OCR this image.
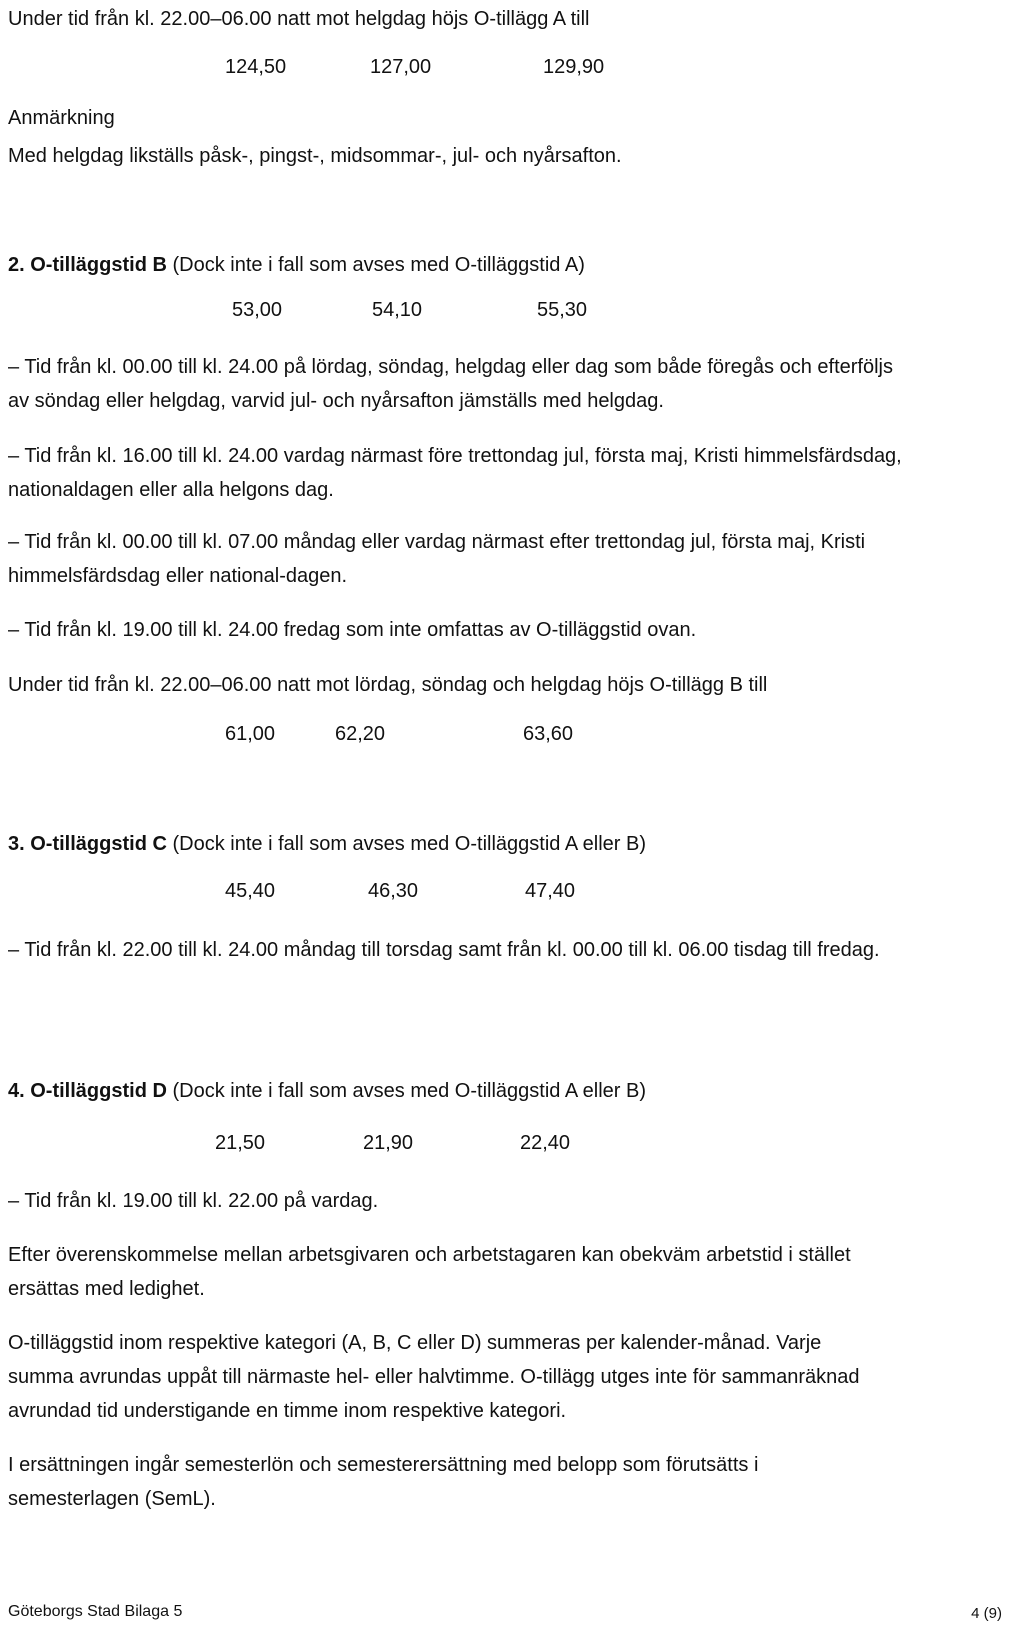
Under tid från kl. 22.00–06.00 natt mot helgdag höjs O-tillägg A till

124,50	127,00	129,90

Anmärkning

Med helgdag likställs påsk-, pingst-, midsommar-, jul- och nyårsafton.

2. O-tilläggstid B (Dock inte i fall som avses med O-tilläggstid A)

53,00	54,10	55,30

– Tid från kl. 00.00 till kl. 24.00 på lördag, söndag, helgdag eller dag som både föregås och efterföljs av söndag eller helgdag, varvid jul- och nyårsafton jämställs med helgdag.

– Tid från kl. 16.00 till kl. 24.00 vardag närmast före trettondag jul, första maj, Kristi himmelsfärdsdag, nationaldagen eller alla helgons dag.

– Tid från kl. 00.00 till kl. 07.00 måndag eller vardag närmast efter trettondag jul, första maj, Kristi himmelsfärdsdag eller national-dagen.

– Tid från kl. 19.00 till kl. 24.00 fredag som inte omfattas av O-tilläggstid ovan.

Under tid från kl. 22.00–06.00 natt mot lördag, söndag och helgdag höjs O-tillägg B till

61,00	62,20	63,60

3. O-tilläggstid C (Dock inte i fall som avses med O-tilläggstid A eller B)

45,40	46,30	47,40

– Tid från kl. 22.00 till kl. 24.00 måndag till torsdag samt från kl. 00.00 till kl. 06.00 tisdag till fredag.

4. O-tilläggstid D (Dock inte i fall som avses med O-tilläggstid A eller B)

21,50	21,90	22,40

– Tid från kl. 19.00 till kl. 22.00 på vardag.

Efter överenskommelse mellan arbetsgivaren och arbetstagaren kan obekväm arbetstid i stället ersättas med ledighet.

O-tilläggstid inom respektive kategori (A, B, C eller D) summeras per kalender-månad. Varje summa avrundas uppåt till närmaste hel- eller halvtimme. O-tillägg utges inte för sammanräknad avrundad tid understigande en timme inom respektive kategori.

I ersättningen ingår semesterlön och semesterersättning med belopp som förutsätts i semesterlagen (SemL).

Göteborgs Stad Bilaga 5	4 (9)
